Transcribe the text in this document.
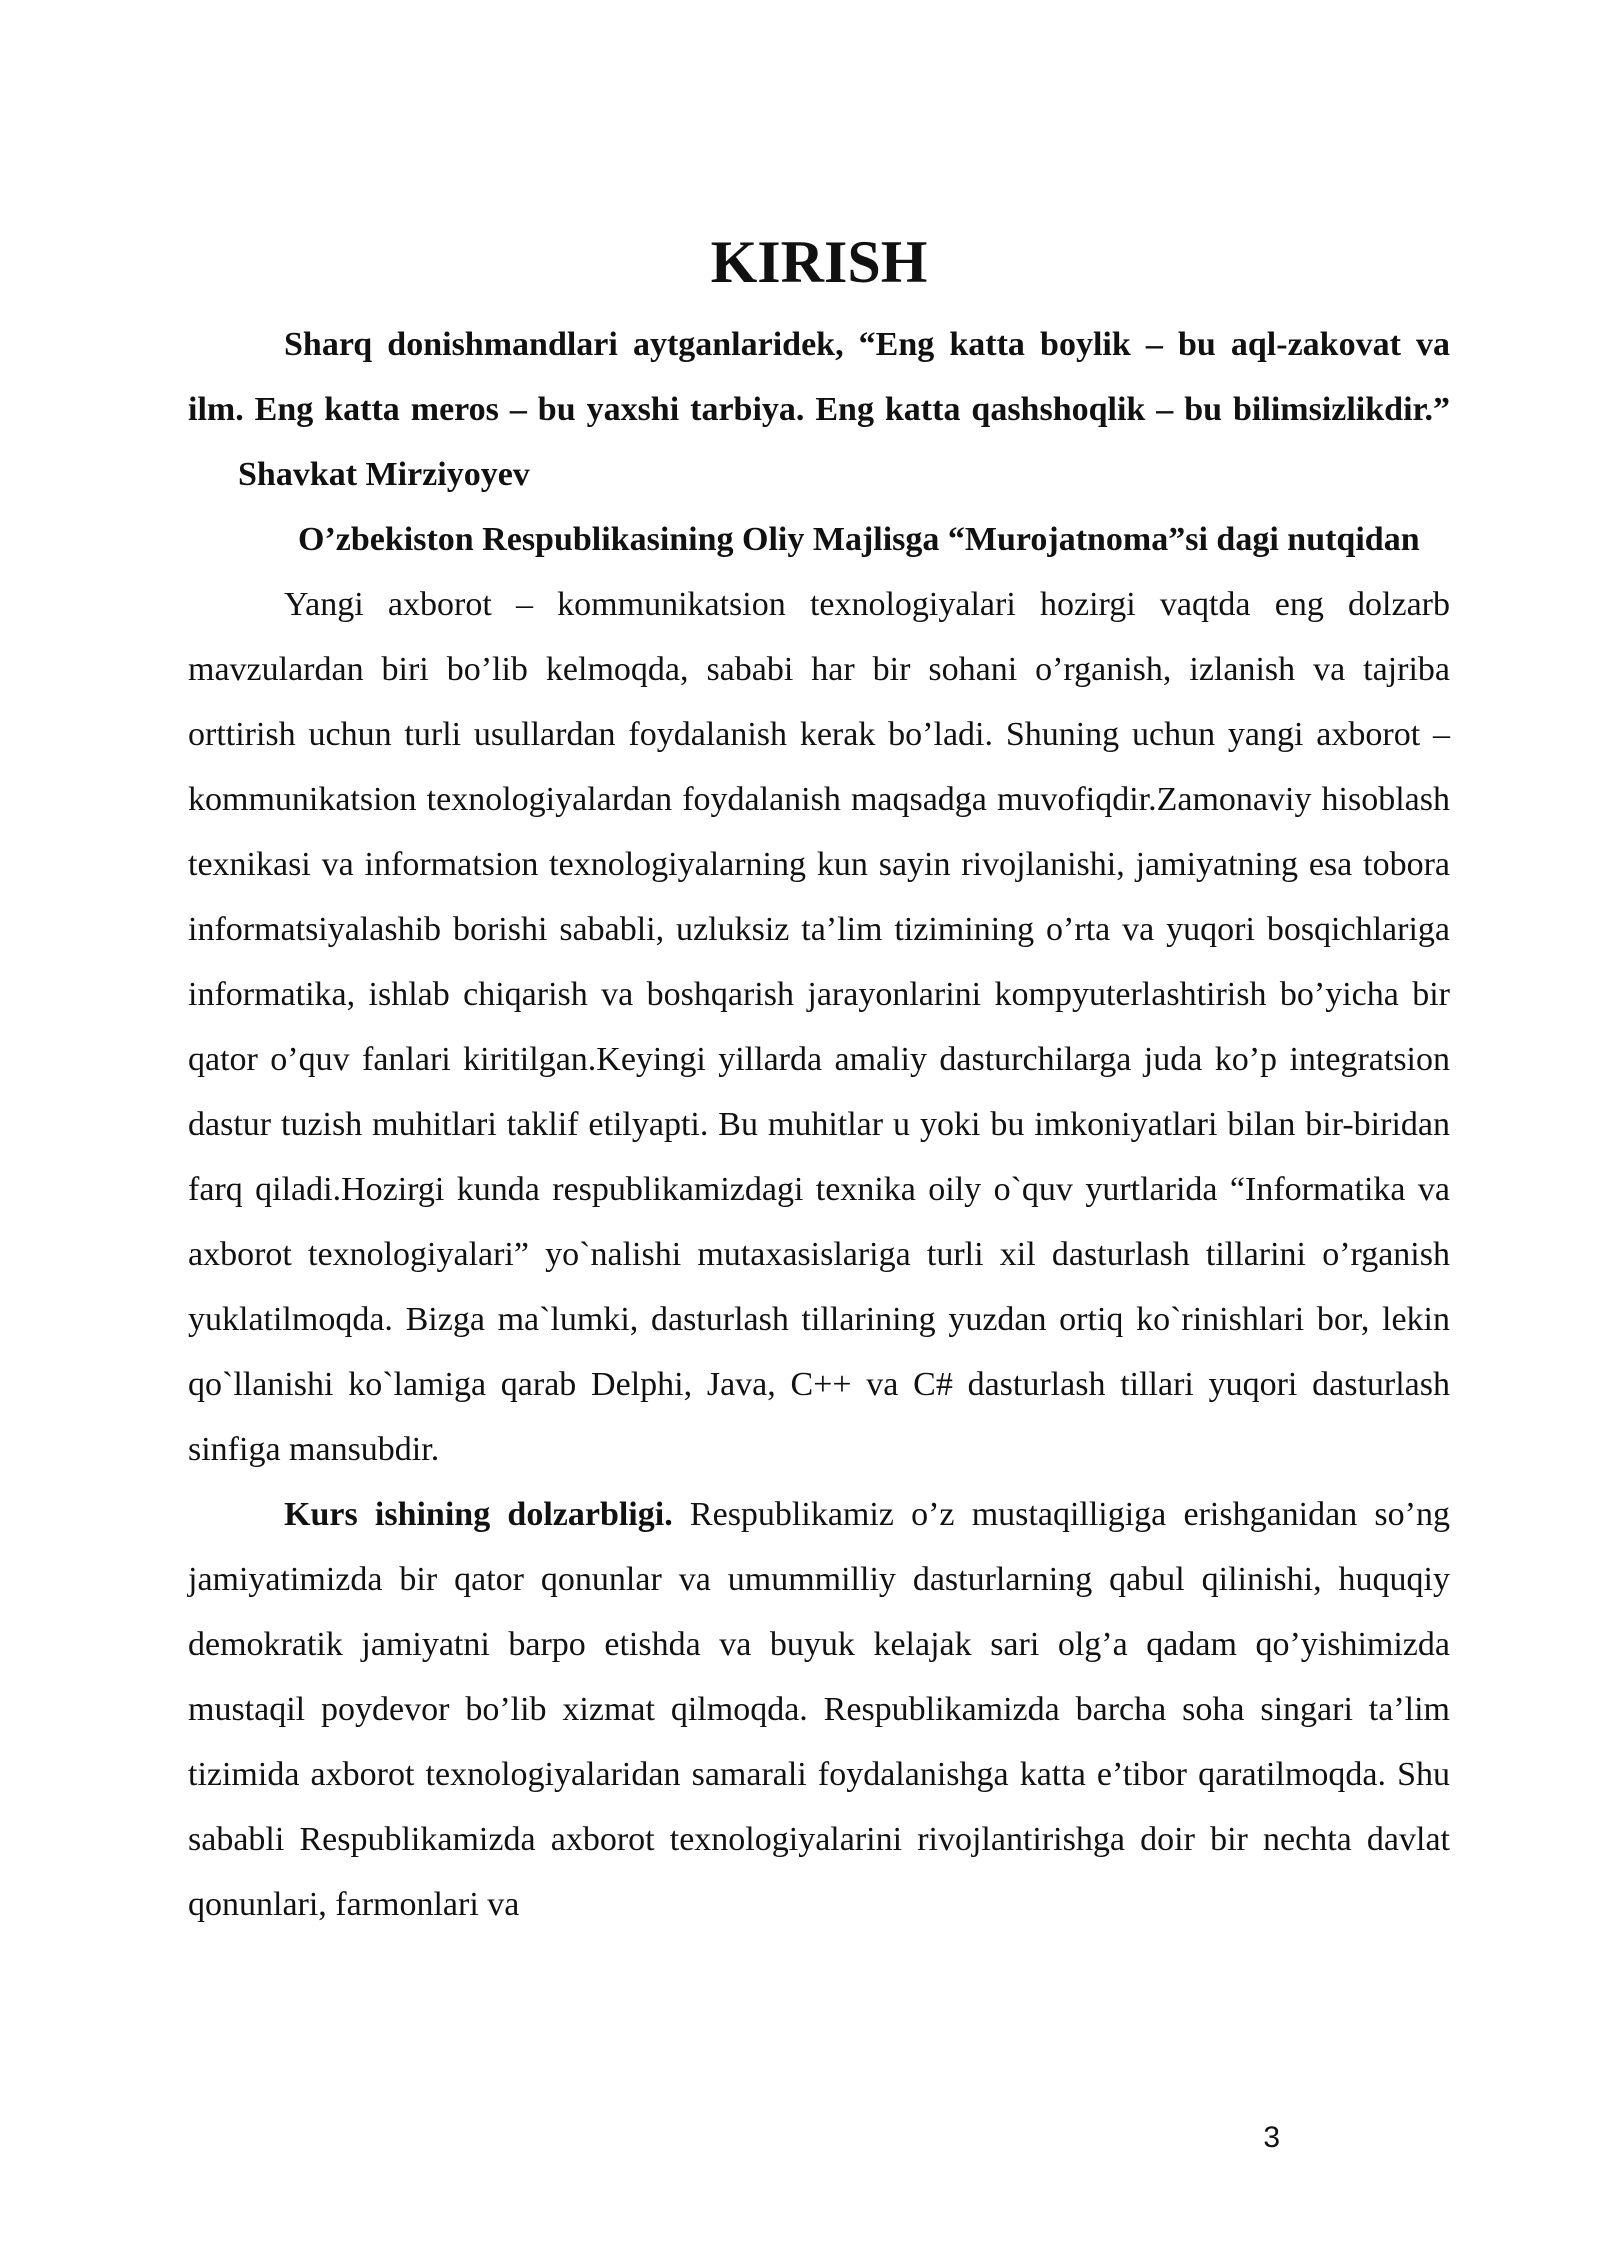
KIRISH

Sharq donishmandlari aytganlaridek, “Eng katta boylik – bu aql-zakovat va ilm. Eng katta meros – bu yaxshi tarbiya. Eng katta qashshoqlik – bu bilimsizlikdir.”Shavkat Mirziyoyev

O’zbekiston Respublikasining Oliy Majlisga “Murojatnoma”si dagi nutqidan

Yangi axborot – kommunikatsion texnologiyalari hozirgi vaqtda eng dolzarb mavzulardan biri bo’lib kelmoqda, sababi har bir sohani o’rganish, izlanish va tajriba orttirish uchun turli usullardan foydalanish kerak bo’ladi. Shuning uchun yangi axborot – kommunikatsion texnologiyalardan foydalanish maqsadga muvofiqdir.Zamonaviy hisoblash texnikasi va informatsion texnologiyalarning kun sayin rivojlanishi, jamiyatning esa tobora informatsiyalashib borishi sababli, uzluksiz ta’lim tizimining o’rta va yuqori bosqichlariga informatika, ishlab chiqarish va boshqarish jarayonlarini kompyuterlashtirish bo’yicha bir qator o’quv fanlari kiritilgan.Keyingi yillarda amaliy dasturchilarga juda ko’p integratsion dastur tuzish muhitlari taklif etilyapti. Bu muhitlar u yoki bu imkoniyatlari bilan bir-biridan farq qiladi.Hozirgi kunda respublikamizdagi texnika oily o`quv yurtlarida “Informatika va axborot texnologiyalari” yo`nalishi mutaxasislariga turli xil dasturlash tillarini o’rganish yuklatilmoqda. Bizga ma`lumki, dasturlash tillarining yuzdan ortiq ko`rinishlari bor, lekin qo`llanishi ko`lamiga qarab Delphi, Java, C++ va C# dasturlash tillari yuqori dasturlash sinfiga mansubdir.

Kurs ishining dolzarbligi. Respublikamiz o’z mustaqilligiga erishganidan so’ng jamiyatimizda bir qator qonunlar va umummilliy dasturlarning qabul qilinishi, huquqiy demokratik jamiyatni barpo etishda va buyuk kelajak sari olg’a qadam qo’yishimizda mustaqil poydevor bo’lib xizmat qilmoqda. Respublikamizda barcha soha singari ta’lim tizimida axborot texnologiyalaridan samarali foydalanishga katta e’tibor qaratilmoqda. Shu sababli Respublikamizda axborot texnologiyalarini rivojlantirishga doir bir nechta davlat qonunlari, farmonlari va

3
